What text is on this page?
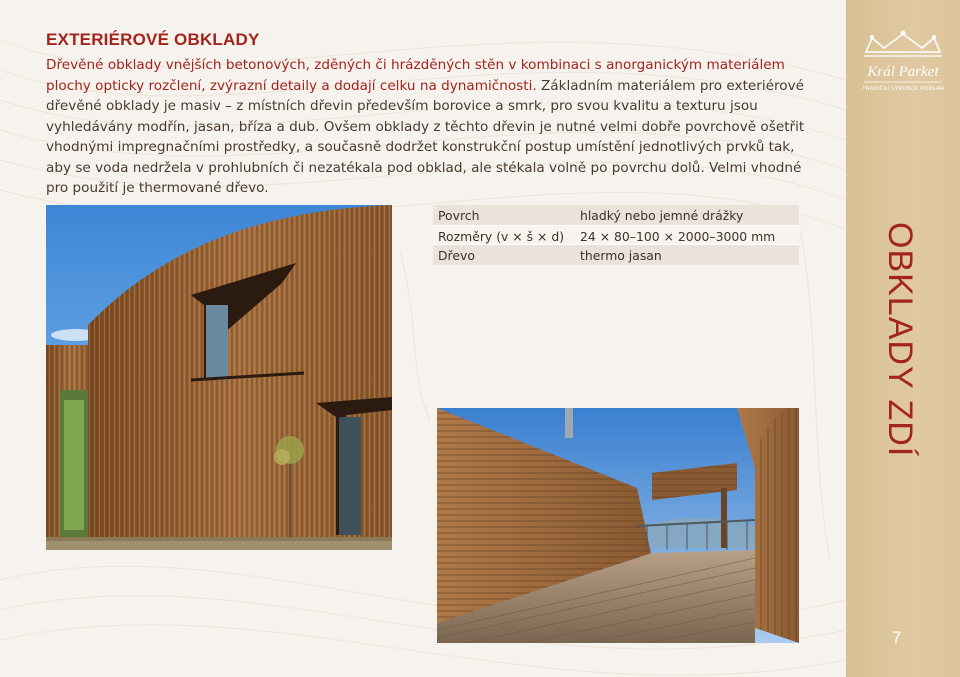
EXTERIÉROVÉ OBKLADY

Dřevěné obklady vnějších betonových, zděných či hrázděných stěn v kombinaci s anorganickým materiálem plochy opticky rozčlení, zvýrazní detaily a dodají celku na dynamičnosti. Základním materiálem pro exteriérové dřevěné obklady je masiv – z místních dřevin především borovice a smrk, pro svou kvalitu a texturu jsou vyhledávány modřín, jasan, bříza a dub. Ovšem obklady z těchto dřevin je nutné velmi dobře povrchově ošetřit vhodnými impregnačními prostředky, a současně dodržet konstrukční postup umístění jednotlivých prvků tak, aby se voda nedržela v prohlubních či nezatékala pod obklad, ale stékala volně po povrchu dolů. Velmi vhodné pro použití je thermované dřevo.

Povrch	hladký nebo jemné drážky
Rozměry (v × š × d)	24 × 80–100 × 2000–3000 mm
Dřevo	thermo jasan
Král Parket
TRADIČNÍ VÝROBCE PODLAH
OBKLADY ZDÍ
7
